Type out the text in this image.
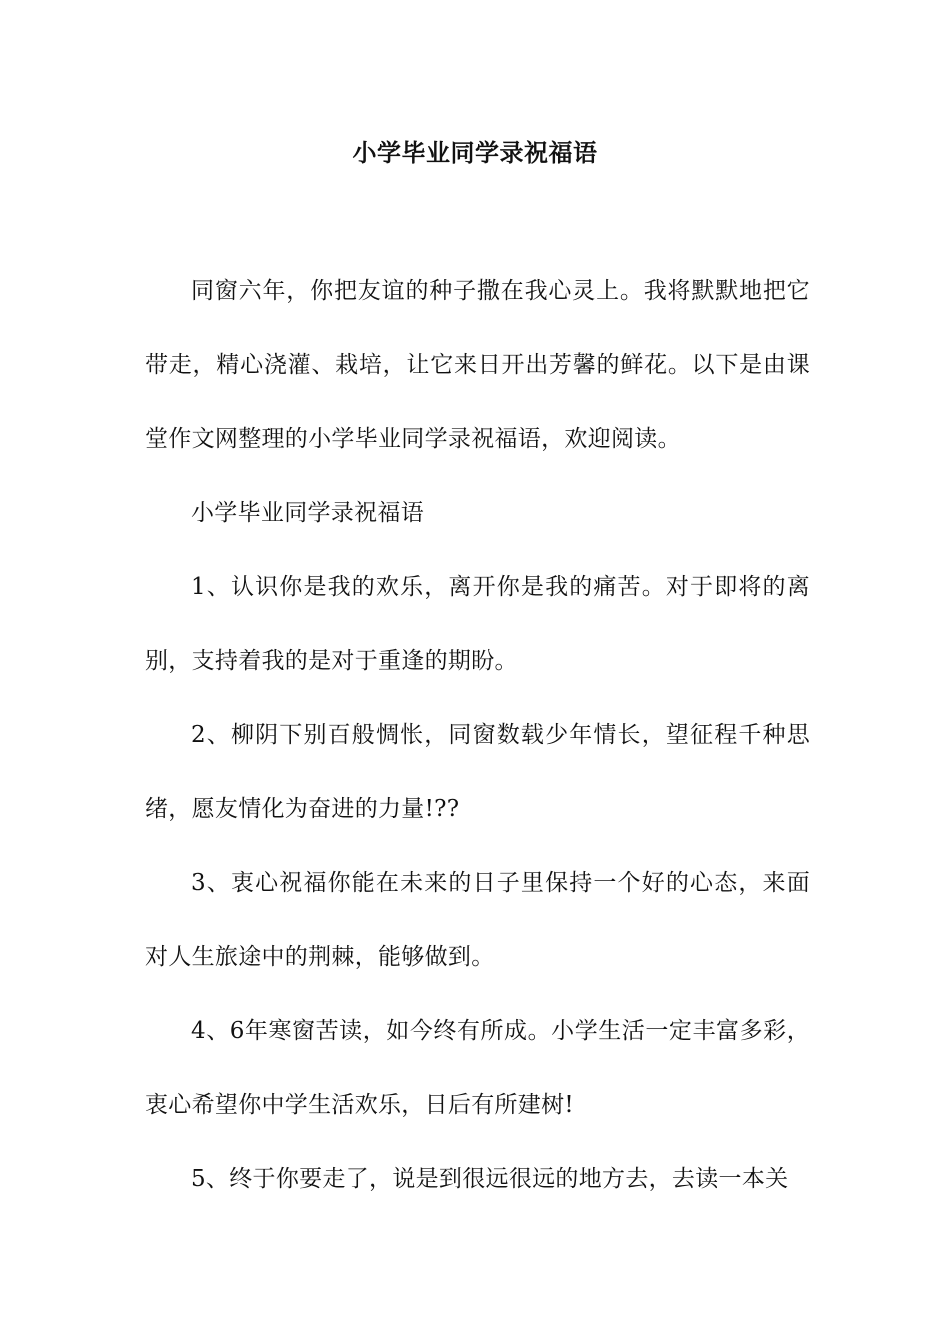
小学毕业同学录祝福语

同窗六年，你把友谊的种子撒在我心灵上。我将默默地把它带走，精心浇灌、栽培，让它来日开出芳馨的鲜花。以下是由课堂作文网整理的小学毕业同学录祝福语，欢迎阅读。

小学毕业同学录祝福语

1、认识你是我的欢乐，离开你是我的痛苦。对于即将的离别，支持着我的是对于重逢的期盼。

2、柳阴下别百般惆怅，同窗数载少年情长，望征程千种思绪，愿友情化为奋进的力量!??

3、衷心祝福你能在未来的日子里保持一个好的心态，来面对人生旅途中的荆棘，能够做到。

4、6年寒窗苦读，如今终有所成。小学生活一定丰富多彩，衷心希望你中学生活欢乐，日后有所建树!

5、终于你要走了，说是到很远很远的地方去，去读一本关
